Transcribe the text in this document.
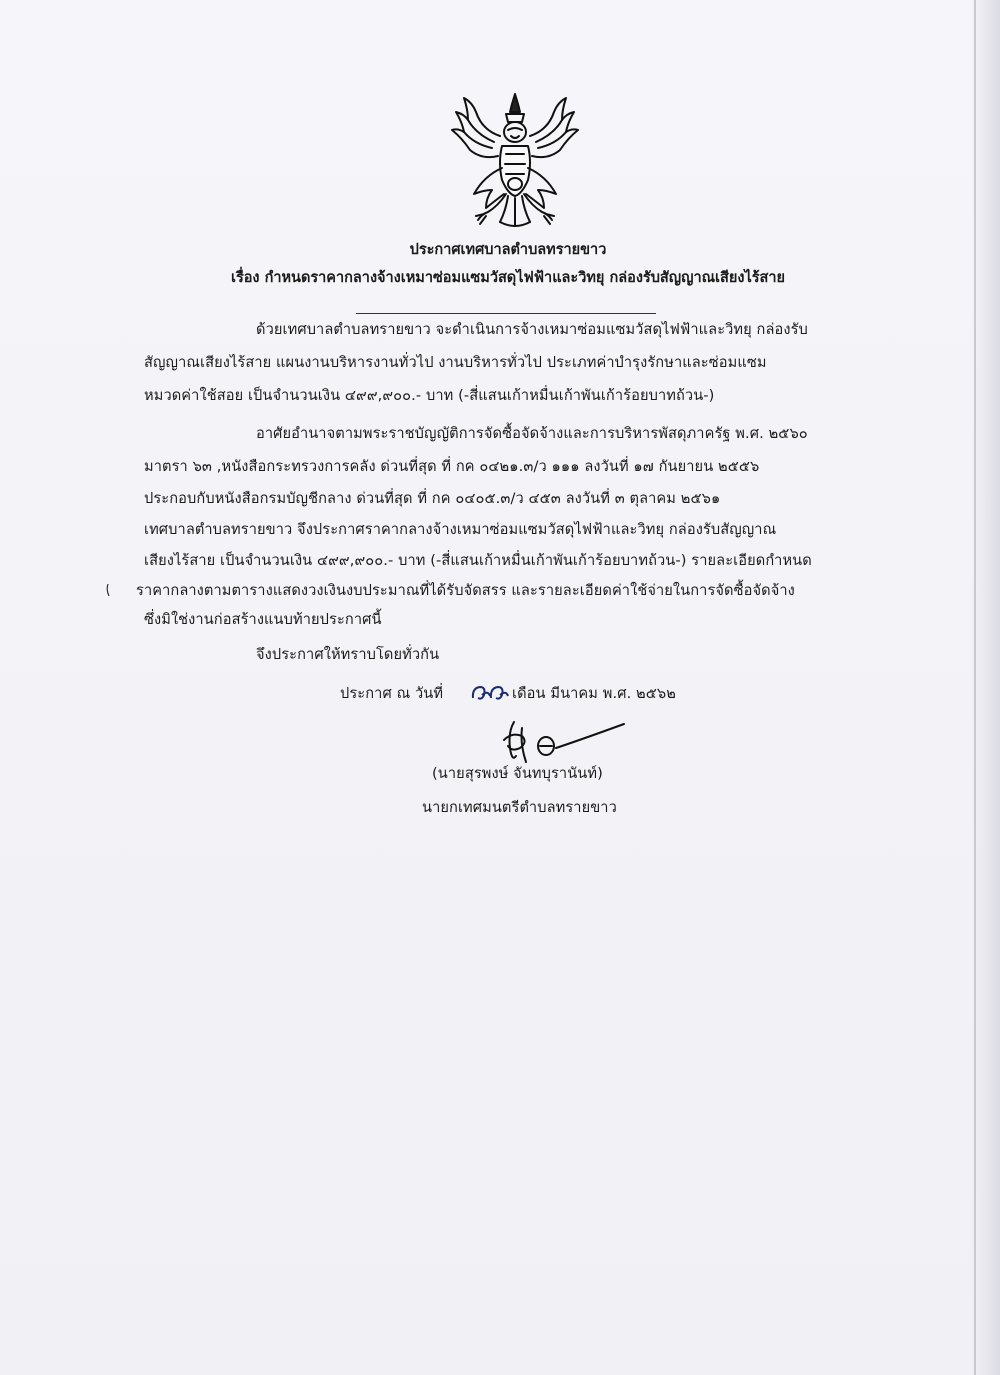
ประกาศเทศบาลตำบลทรายขาว
เรื่อง กำหนดราคากลางจ้างเหมาซ่อมแซมวัสดุไฟฟ้าและวิทยุ กล่องรับสัญญาณเสียงไร้สาย
ด้วยเทศบาลตำบลทรายขาว จะดำเนินการจ้างเหมาซ่อมแซมวัสดุไฟฟ้าและวิทยุ กล่องรับ
สัญญาณเสียงไร้สาย แผนงานบริหารงานทั่วไป งานบริหารทั่วไป ประเภทค่าบำรุงรักษาและซ่อมแซม
หมวดค่าใช้สอย เป็นจำนวนเงิน ๔๙๙,๙๐๐.- บาท (-สี่แสนเก้าหมื่นเก้าพันเก้าร้อยบาทถ้วน-)
อาศัยอำนาจตามพระราชบัญญัติการจัดซื้อจัดจ้างและการบริหารพัสดุภาครัฐ พ.ศ. ๒๕๖๐
มาตรา ๖๓ ,หนังสือกระทรวงการคลัง ด่วนที่สุด ที่ กค ๐๔๒๑.๓/ว ๑๑๑ ลงวันที่ ๑๗ กันยายน ๒๕๕๖
ประกอบกับหนังสือกรมบัญชีกลาง ด่วนที่สุด ที่ กค ๐๔๐๕.๓/ว ๔๕๓ ลงวันที่ ๓ ตุลาคม ๒๕๖๑
เทศบาลตำบลทรายขาว จึงประกาศราคากลางจ้างเหมาซ่อมแซมวัสดุไฟฟ้าและวิทยุ กล่องรับสัญญาณ
เสียงไร้สาย เป็นจำนวนเงิน ๔๙๙,๙๐๐.- บาท (-สี่แสนเก้าหมื่นเก้าพันเก้าร้อยบาทถ้วน-) รายละเอียดกำหนด
ราคากลางตามตารางแสดงวงเงินงบประมาณที่ได้รับจัดสรร และรายละเอียดค่าใช้จ่ายในการจัดซื้อจัดจ้าง
ซึ่งมิใช่งานก่อสร้างแนบท้ายประกาศนี้
จึงประกาศให้ทราบโดยทั่วกัน
ประกาศ ณ วันที่	เดือน มีนาคม พ.ศ. ๒๕๖๒
(นายสุรพงษ์ จันทบุรานันท์)
นายกเทศมนตรีตำบลทรายขาว
